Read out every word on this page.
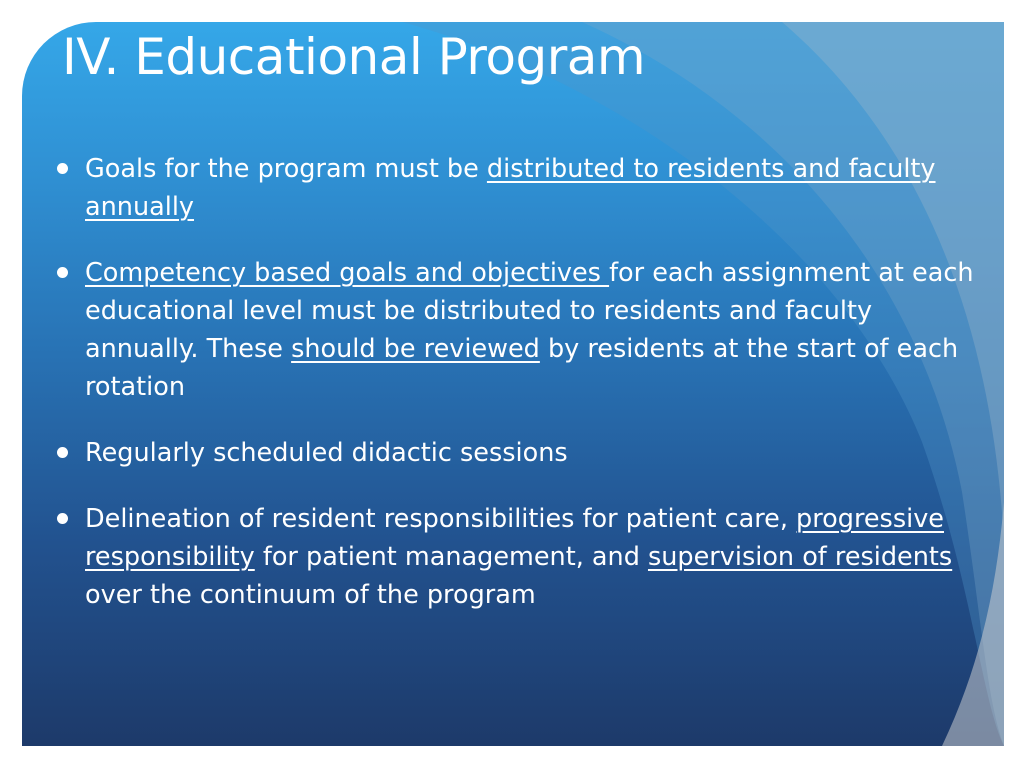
IV. Educational Program
Goals for the program must be distributed to residents and faculty annually
Competency based goals and objectives for each assignment at each educational level must be distributed to residents and faculty annually. These should be reviewed by residents at the start of each rotation
Regularly scheduled didactic sessions
Delineation of resident responsibilities for patient care, progressive responsibility for patient management, and supervision of residents over the continuum of the program
